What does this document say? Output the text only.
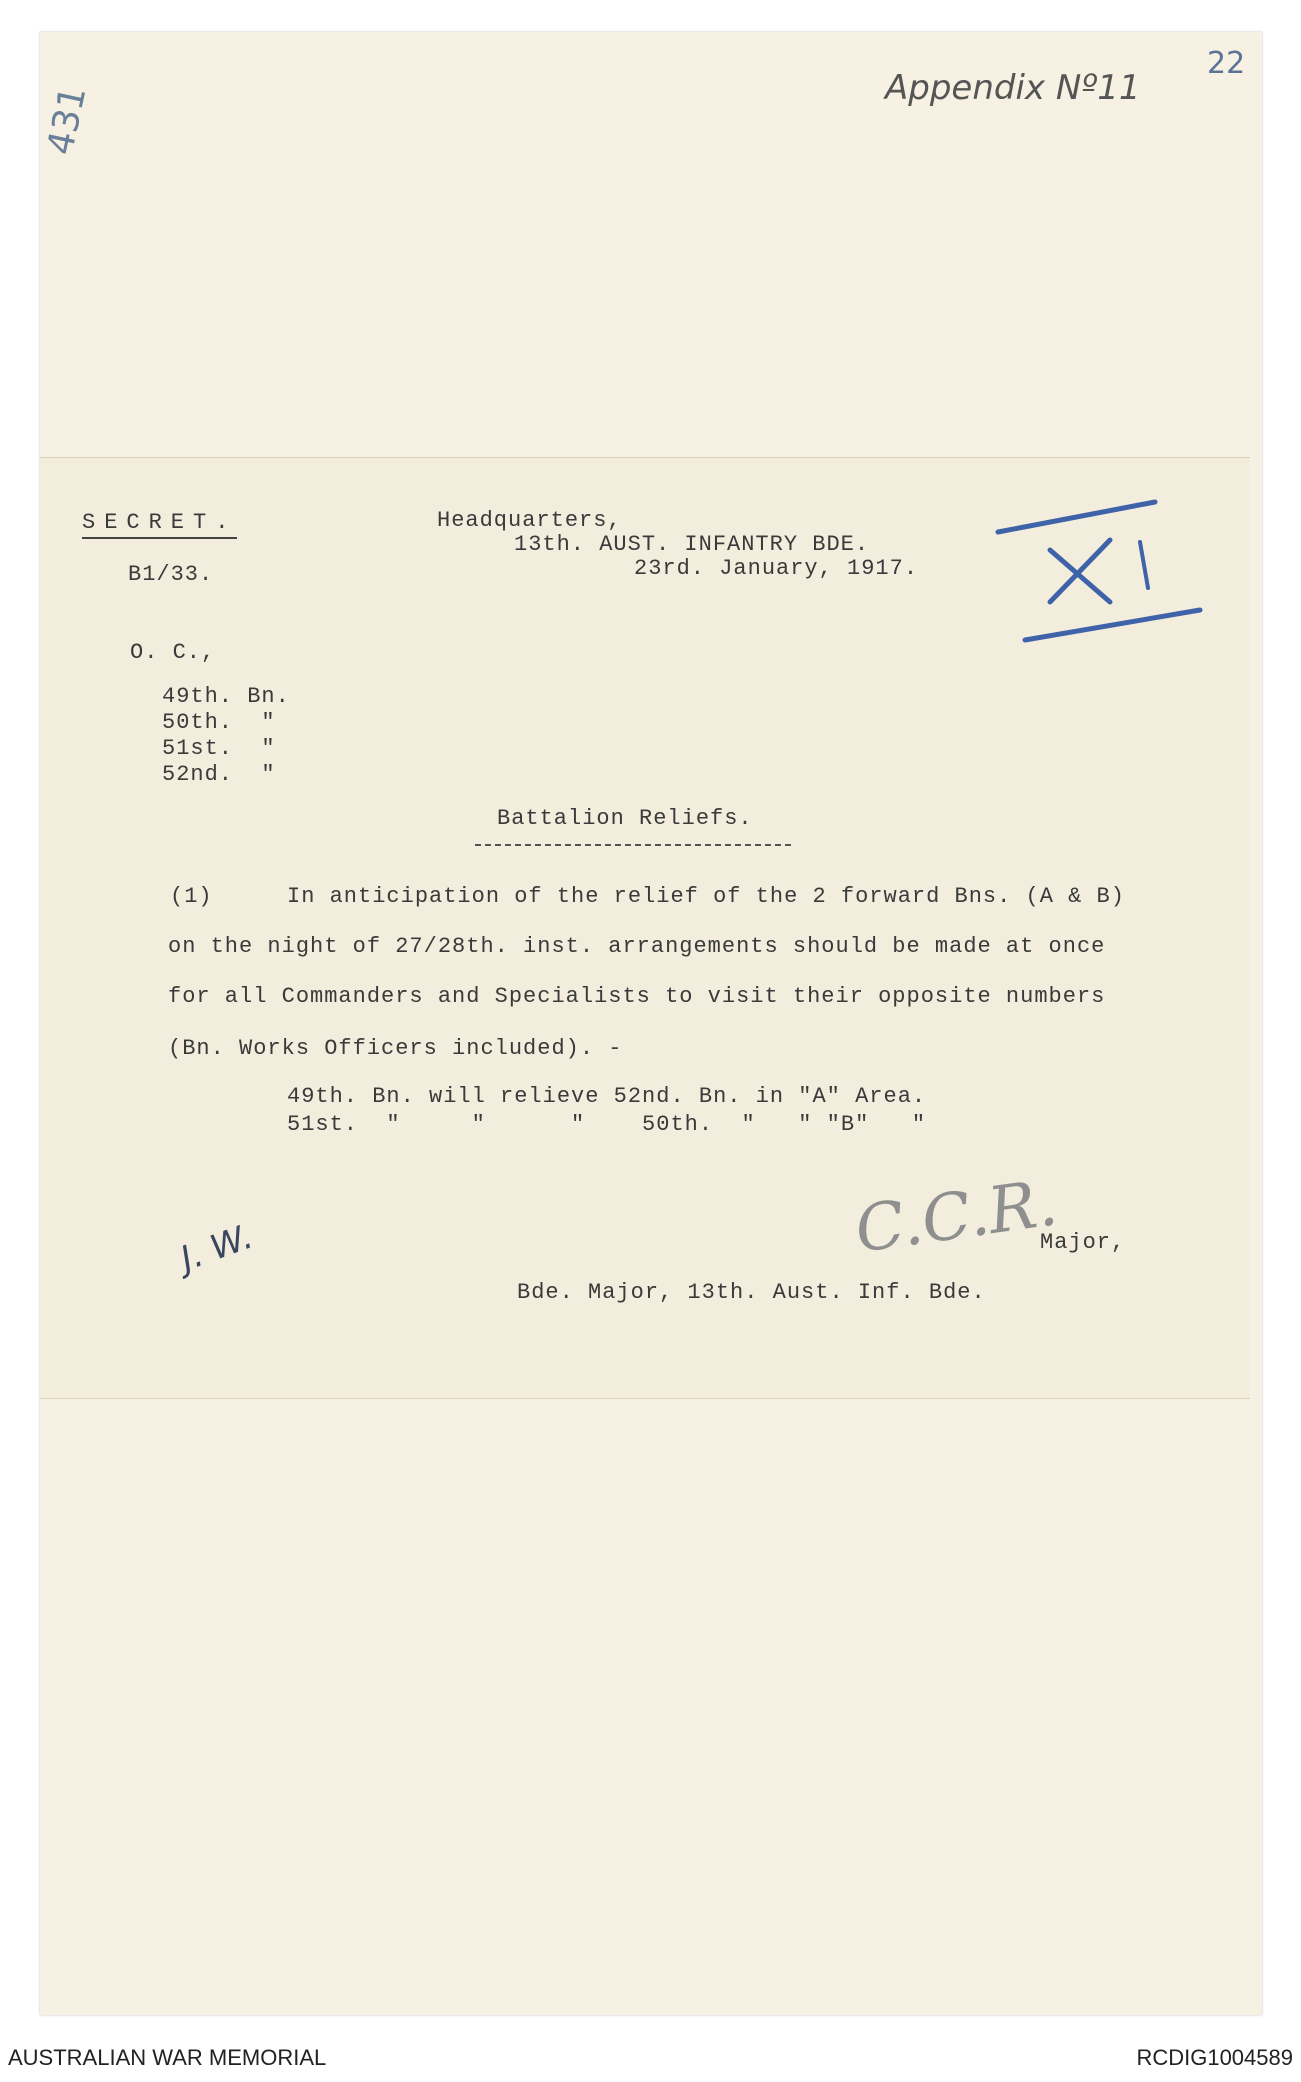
431	Appendix Nº11
22
SECRET.
B1/33.
Headquarters,
13th. AUST. INFANTRY BDE.
23rd. January, 1917.
O. C.,
49th. Bn.
50th.  "
51st.  "
52nd.  "
Battalion Reliefs.
(1)	In anticipation of the relief of the 2 forward Bns. (A & B)
on the night of 27/28th. inst. arrangements should be made at once
for all Commanders and Specialists to visit their opposite numbers
(Bn. Works Officers included). -
49th. Bn. will relieve 52nd. Bn. in "A" Area.
51st.  "     "      "    50th.  "   " "B"   "
J. W.	C.C.R.
Major,
Bde. Major, 13th. Aust. Inf. Bde.
AUSTRALIAN WAR MEMORIAL	RCDIG1004589
